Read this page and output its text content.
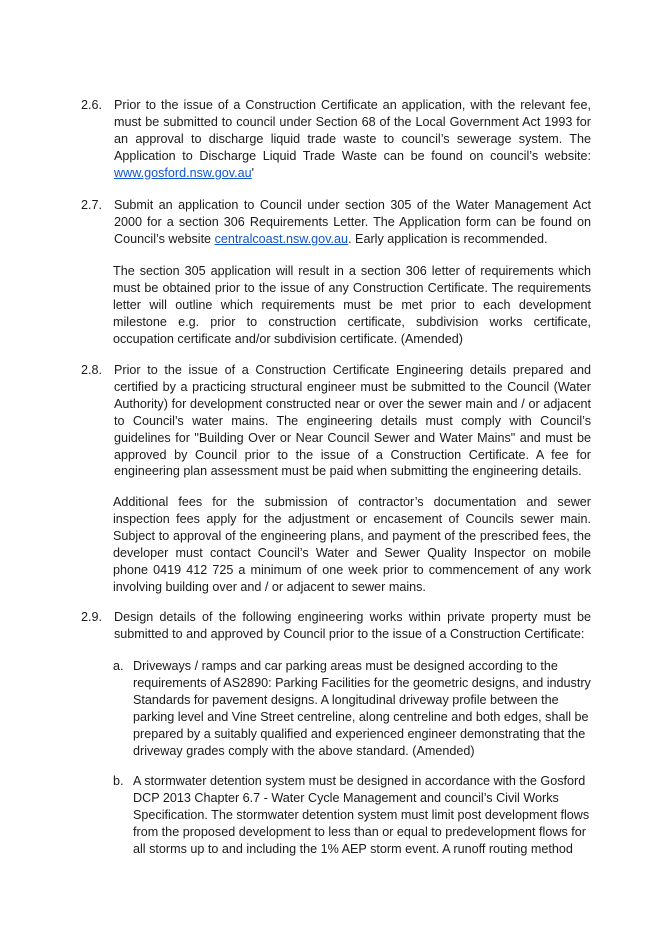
2.6. Prior to the issue of a Construction Certificate an application, with the relevant fee, must be submitted to council under Section 68 of the Local Government Act 1993 for an approval to discharge liquid trade waste to council’s sewerage system. The Application to Discharge Liquid Trade Waste can be found on council’s website: www.gosford.nsw.gov.au'
2.7. Submit an application to Council under section 305 of the Water Management Act 2000 for a section 306 Requirements Letter. The Application form can be found on Council’s website centralcoast.nsw.gov.au. Early application is recommended.
The section 305 application will result in a section 306 letter of requirements which must be obtained prior to the issue of any Construction Certificate. The requirements letter will outline which requirements must be met prior to each development milestone e.g. prior to construction certificate, subdivision works certificate, occupation certificate and/or subdivision certificate. (Amended)
2.8. Prior to the issue of a Construction Certificate Engineering details prepared and certified by a practicing structural engineer must be submitted to the Council (Water Authority) for development constructed near or over the sewer main and / or adjacent to Council’s water mains. The engineering details must comply with Council’s guidelines for "Building Over or Near Council Sewer and Water Mains" and must be approved by Council prior to the issue of a Construction Certificate. A fee for engineering plan assessment must be paid when submitting the engineering details.
Additional fees for the submission of contractor’s documentation and sewer inspection fees apply for the adjustment or encasement of Councils sewer main. Subject to approval of the engineering plans, and payment of the prescribed fees, the developer must contact Council’s Water and Sewer Quality Inspector on mobile phone 0419 412 725 a minimum of one week prior to commencement of any work involving building over and / or adjacent to sewer mains.
2.9. Design details of the following engineering works within private property must be submitted to and approved by Council prior to the issue of a Construction Certificate:
a. Driveways / ramps and car parking areas must be designed according to the requirements of AS2890: Parking Facilities for the geometric designs, and industry Standards for pavement designs. A longitudinal driveway profile between the parking level and Vine Street centreline, along centreline and both edges, shall be prepared by a suitably qualified and experienced engineer demonstrating that the driveway grades comply with the above standard. (Amended)
b. A stormwater detention system must be designed in accordance with the Gosford DCP 2013 Chapter 6.7 - Water Cycle Management and council’s Civil Works Specification. The stormwater detention system must limit post development flows from the proposed development to less than or equal to predevelopment flows for all storms up to and including the 1% AEP storm event. A runoff routing method
